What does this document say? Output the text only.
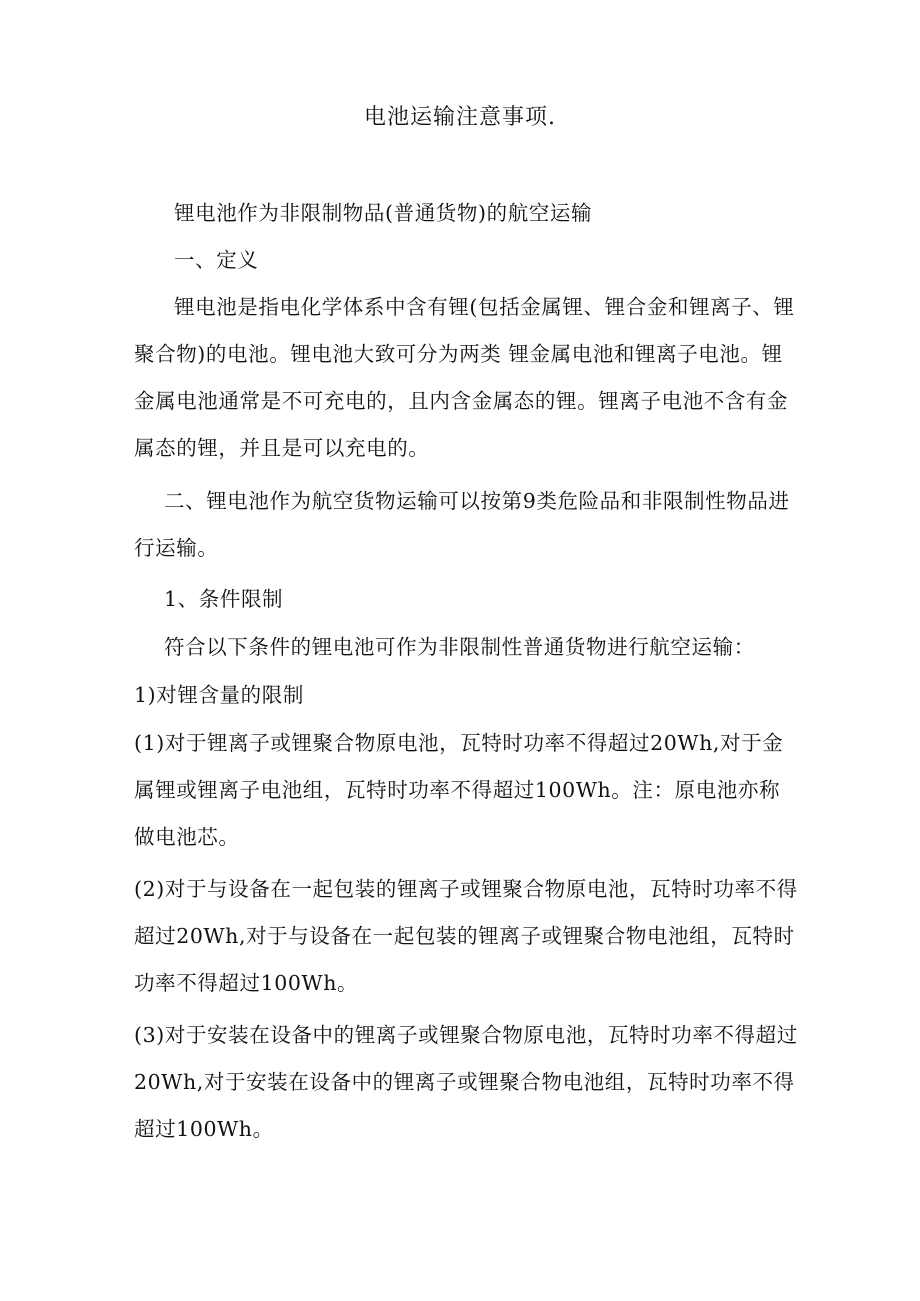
电池运输注意事项.

锂电池作为非限制物品(普通货物)的航空运输

一、定义

锂电池是指电化学体系中含有锂(包括金属锂、锂合金和锂离子、锂聚合物)的电池。锂电池大致可分为两类 锂金属电池和锂离子电池。锂金属电池通常是不可充电的，且内含金属态的锂。锂离子电池不含有金属态的锂，并且是可以充电的。

二、锂电池作为航空货物运输可以按第9类危险品和非限制性物品进行运输。

1、条件限制

符合以下条件的锂电池可作为非限制性普通货物进行航空运输：

1)对锂含量的限制

(1)对于锂离子或锂聚合物原电池，瓦特时功率不得超过20Wh,对于金属锂或锂离子电池组，瓦特时功率不得超过100Wh。注：原电池亦称做电池芯。

(2)对于与设备在一起包装的锂离子或锂聚合物原电池，瓦特时功率不得超过20Wh,对于与设备在一起包装的锂离子或锂聚合物电池组，瓦特时功率不得超过100Wh。

(3)对于安装在设备中的锂离子或锂聚合物原电池，瓦特时功率不得超过20Wh,对于安装在设备中的锂离子或锂聚合物电池组，瓦特时功率不得超过100Wh。
